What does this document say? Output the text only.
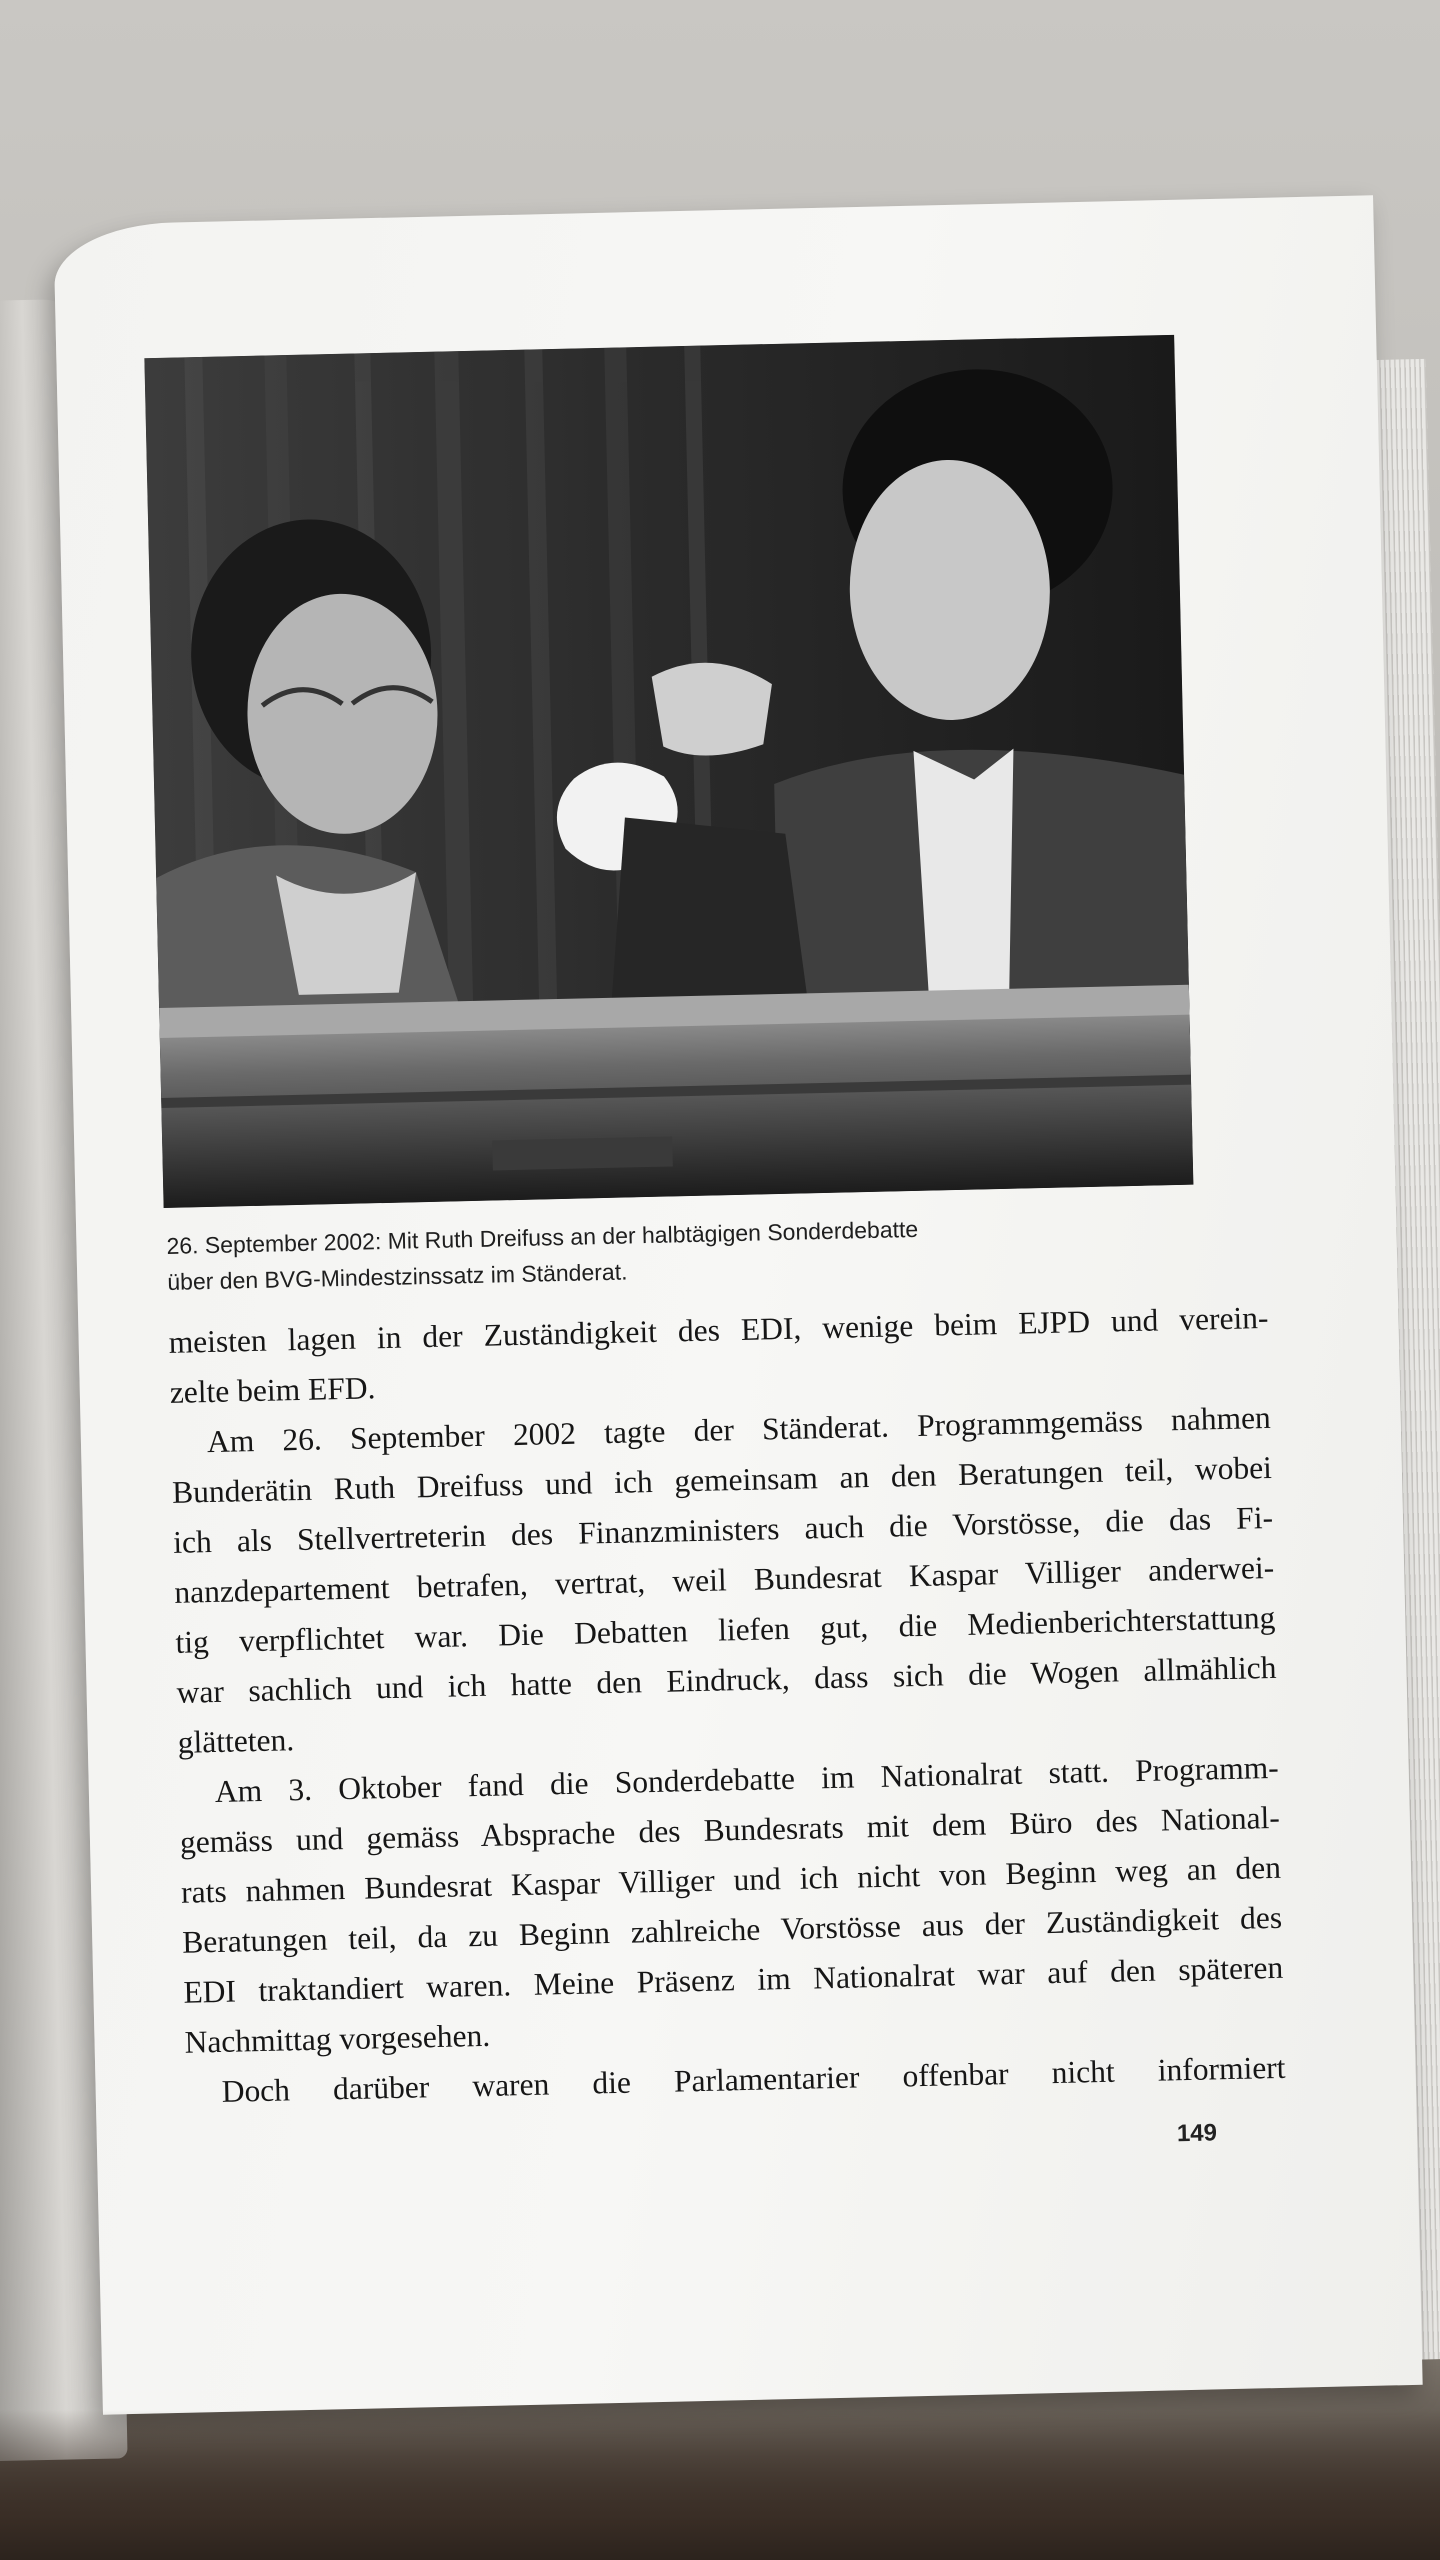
26. September 2002: Mit Ruth Dreifuss an der halbtägigen Sonderdebatte
über den BVG-Mindestzinssatz im Ständerat.
meisten lagen in der Zuständigkeit des EDI, wenige beim EJPD und verein-
zelte beim EFD.
Am 26. September 2002 tagte der Ständerat. Programmgemäss nahmen
Bunderätin Ruth Dreifuss und ich gemeinsam an den Beratungen teil, wobei
ich als Stellvertreterin des Finanzministers auch die Vorstösse, die das Fi-
nanzdepartement betrafen, vertrat, weil Bundesrat Kaspar Villiger anderwei-
tig verpflichtet war. Die Debatten liefen gut, die Medienberichterstattung
war sachlich und ich hatte den Eindruck, dass sich die Wogen allmählich
glätteten.
Am 3. Oktober fand die Sonderdebatte im Nationalrat statt. Programm-
gemäss und gemäss Absprache des Bundesrats mit dem Büro des National-
rats nahmen Bundesrat Kaspar Villiger und ich nicht von Beginn weg an den
Beratungen teil, da zu Beginn zahlreiche Vorstösse aus der Zuständigkeit des
EDI traktandiert waren. Meine Präsenz im Nationalrat war auf den späteren
Nachmittag vorgesehen.
Doch darüber waren die Parlamentarier offenbar nicht informiert
149
